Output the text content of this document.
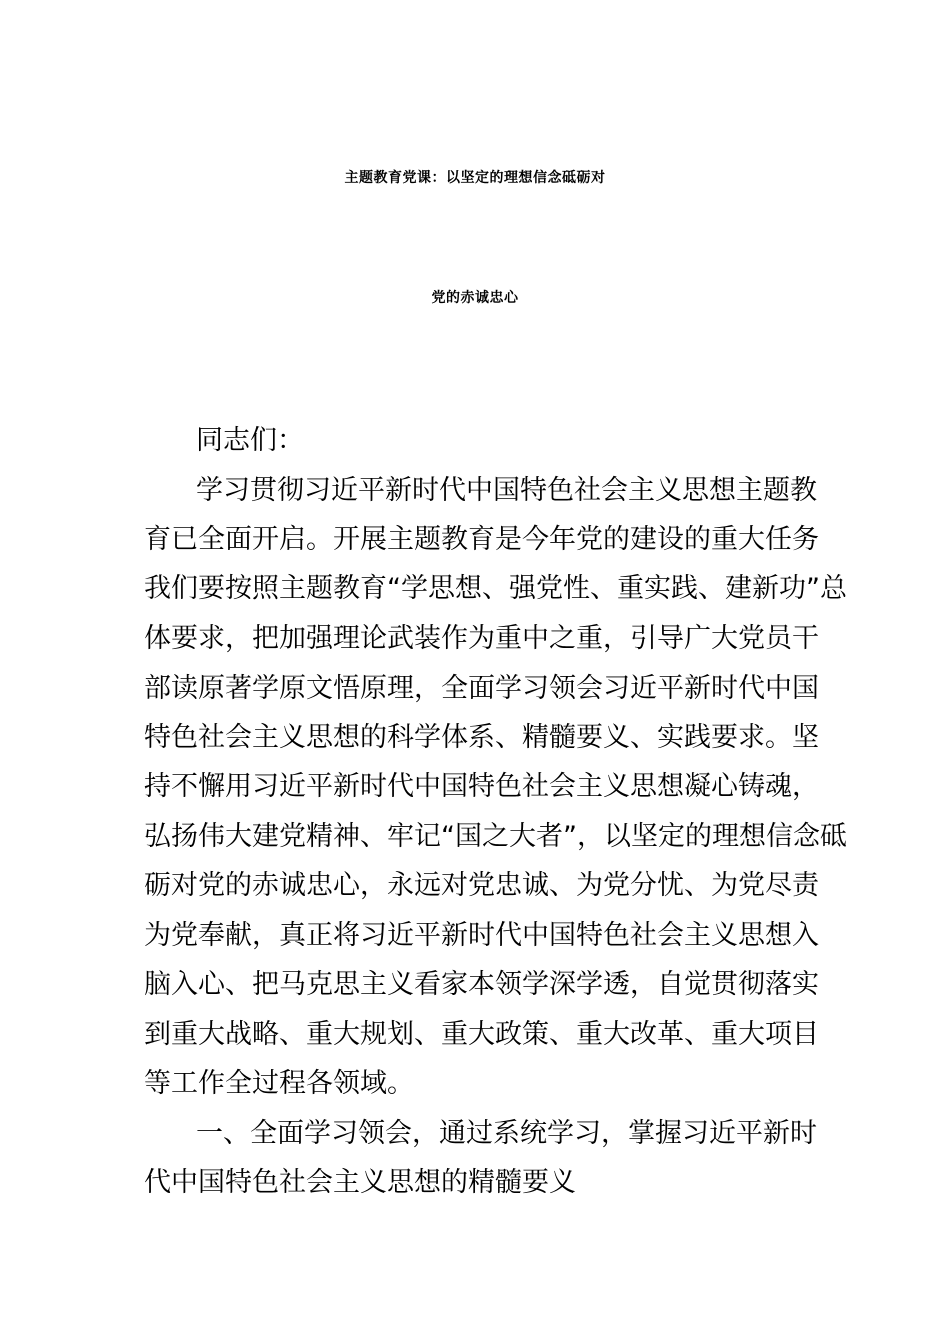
主题教育党课：以坚定的理想信念砥砺对
党的赤诚忠心
同志们：
学习贯彻习近平新时代中国特色社会主义思想主题教
育已全面开启。开展主题教育是今年党的建设的重大任务
我们要按照主题教育“学思想、强党性、重实践、建新功”总
体要求，把加强理论武装作为重中之重，引导广大党员干
部读原著学原文悟原理，全面学习领会习近平新时代中国
特色社会主义思想的科学体系、精髓要义、实践要求。坚
持不懈用习近平新时代中国特色社会主义思想凝心铸魂，
弘扬伟大建党精神、牢记“国之大者”，以坚定的理想信念砥
砺对党的赤诚忠心，永远对党忠诚、为党分忧、为党尽责
为党奉献，真正将习近平新时代中国特色社会主义思想入
脑入心、把马克思主义看家本领学深学透，自觉贯彻落实
到重大战略、重大规划、重大政策、重大改革、重大项目
等工作全过程各领域。
一、全面学习领会，通过系统学习，掌握习近平新时
代中国特色社会主义思想的精髓要义
